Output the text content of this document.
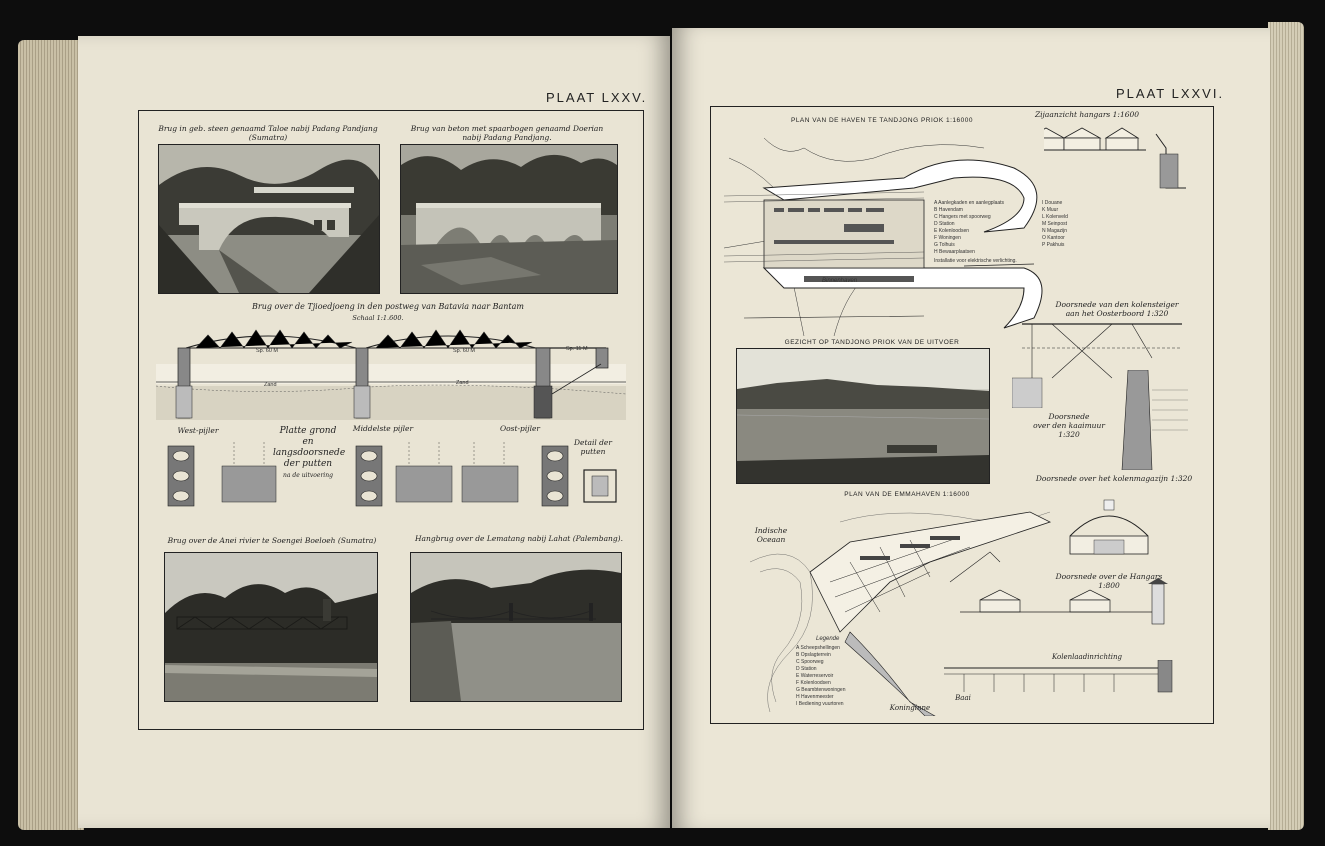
PLAAT LXXV.
Brug in geb. steen genaamd Taloe nabij Padang Pandjang
(Sumatra)
Brug van beton met spaarbogen genaamd Doerian
nabij Padang Pandjang.
Brug over de Tjioedjoeng in den postweg van Batavia naar Bantam
Schaal 1:1.600.
Sp. 60 M	Sp. 60 M	Sp. 11 M
Zand	Zand
West-pijler	Platte grond
en
langsdoorsnede
der putten
na de uitvoering
Middelste pijler	Oost-pijler
Detail der
putten
Brug over de Anei rivier te Soengei Boeloeh (Sumatra)	Hangbrug over de Lematang nabij Lahat (Palembang).
PLAAT LXXVI.
PLAN VAN DE HAVEN TE TANDJONG PRIOK 1:16000
Zijaanzicht hangars 1:1600
Binnenhaven
A Aanlegkaden en aanlegplaats
B Havendam
C Hangers met spoorweg
D Station
E Kolenloodsen
F Woningen
G Tolhuis
H Bewaarplaatsen
I Douane
K Muur
L Kolenveld
M Seinpost
N Magazijn
O Kantoor
P Pakhuis
Installatie voor elektrische verlichting.
Doorsnede van den kolensteiger
aan het Oosterboord 1:320
Doorsnede
over den kaaimuur 1:320
Doorsnede over het kolenmagazijn 1:320
GEZICHT OP TANDJONG PRIOK VAN DE UITVOER
PLAN VAN DE EMMAHAVEN 1:16000
Indische
Oceaan
Doorsnede over de Hangars 1:800
Kolenlaadinrichting
Legende
A Scheepshellingen
B Opslagterrein
C Spoorweg
D Station
E Waterreservoir
F Kolenloodsen
G Beambtenwoningen
H Havenmeester
I Bediening vuurtoren	Koninginne
Baai
